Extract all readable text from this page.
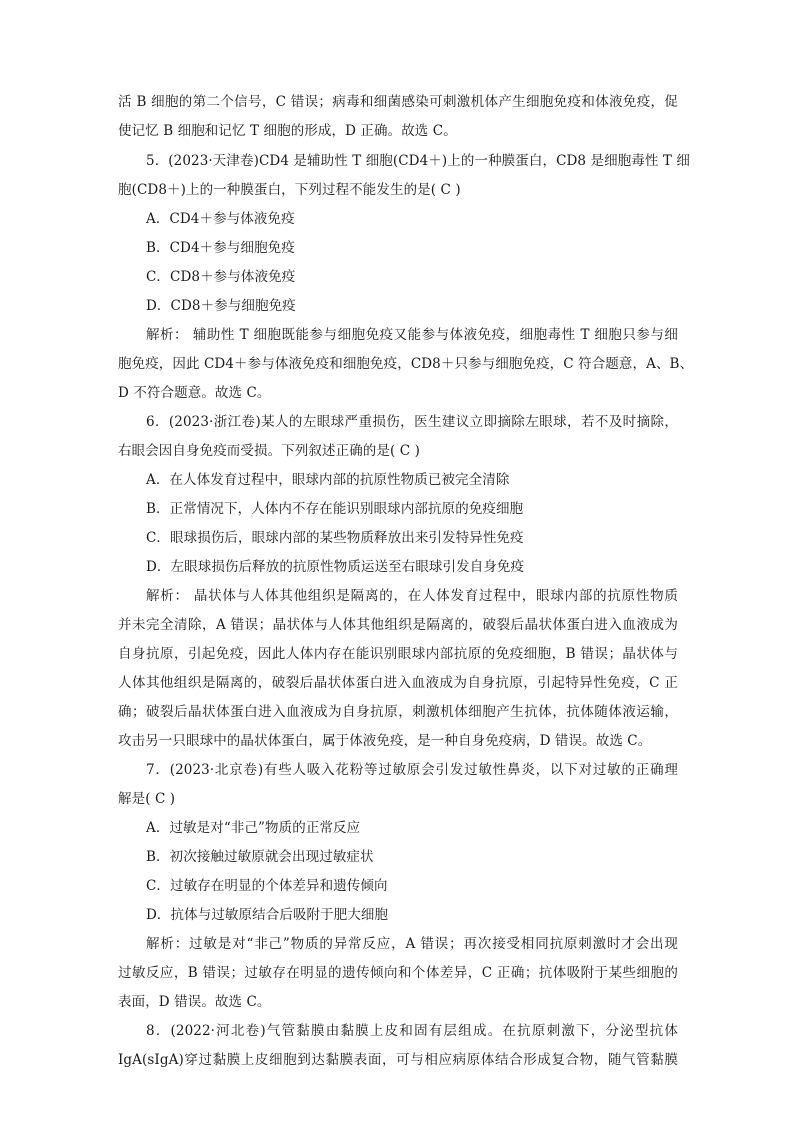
活 B 细胞的第二个信号，C 错误；病毒和细菌感染可刺激机体产生细胞免疫和体液免疫，促
使记忆 B 细胞和记忆 T 细胞的形成，D 正确。故选 C。
5．(2023·天津卷)CD4 是辅助性 T 细胞(CD4＋)上的一种膜蛋白，CD8 是细胞毒性 T 细
胞(CD8＋)上的一种膜蛋白，下列过程不能发生的是( C )
A．CD4＋参与体液免疫
B．CD4＋参与细胞免疫
C．CD8＋参与体液免疫
D．CD8＋参与细胞免疫
解析： 辅助性 T 细胞既能参与细胞免疫又能参与体液免疫，细胞毒性 T 细胞只参与细
胞免疫，因此 CD4＋参与体液免疫和细胞免疫，CD8＋只参与细胞免疫，C 符合题意，A、B、
D 不符合题意。故选 C。
6．(2023·浙江卷)某人的左眼球严重损伤，医生建议立即摘除左眼球，若不及时摘除，
右眼会因自身免疫而受损。下列叙述正确的是( C )
A．在人体发育过程中，眼球内部的抗原性物质已被完全清除
B．正常情况下，人体内不存在能识别眼球内部抗原的免疫细胞
C．眼球损伤后，眼球内部的某些物质释放出来引发特异性免疫
D．左眼球损伤后释放的抗原性物质运送至右眼球引发自身免疫
解析： 晶状体与人体其他组织是隔离的，在人体发育过程中，眼球内部的抗原性物质
并未完全清除，A 错误；晶状体与人体其他组织是隔离的，破裂后晶状体蛋白进入血液成为
自身抗原，引起免疫，因此人体内存在能识别眼球内部抗原的免疫细胞，B 错误；晶状体与
人体其他组织是隔离的，破裂后晶状体蛋白进入血液成为自身抗原，引起特异性免疫，C 正
确；破裂后晶状体蛋白进入血液成为自身抗原，刺激机体细胞产生抗体，抗体随体液运输，
攻击另一只眼球中的晶状体蛋白，属于体液免疫，是一种自身免疫病，D 错误。故选 C。
7．(2023·北京卷)有些人吸入花粉等过敏原会引发过敏性鼻炎，以下对过敏的正确理
解是( C )
A．过敏是对“非己”物质的正常反应
B．初次接触过敏原就会出现过敏症状
C．过敏存在明显的个体差异和遗传倾向
D．抗体与过敏原结合后吸附于肥大细胞
解析：过敏是对“非己”物质的异常反应，A 错误；再次接受相同抗原刺激时才会出现
过敏反应，B 错误；过敏存在明显的遗传倾向和个体差异，C 正确；抗体吸附于某些细胞的
表面，D 错误。故选 C。
8．(2022·河北卷)气管黏膜由黏膜上皮和固有层组成。在抗原刺激下，分泌型抗体
IgA(sIgA)穿过黏膜上皮细胞到达黏膜表面，可与相应病原体结合形成复合物，随气管黏膜
